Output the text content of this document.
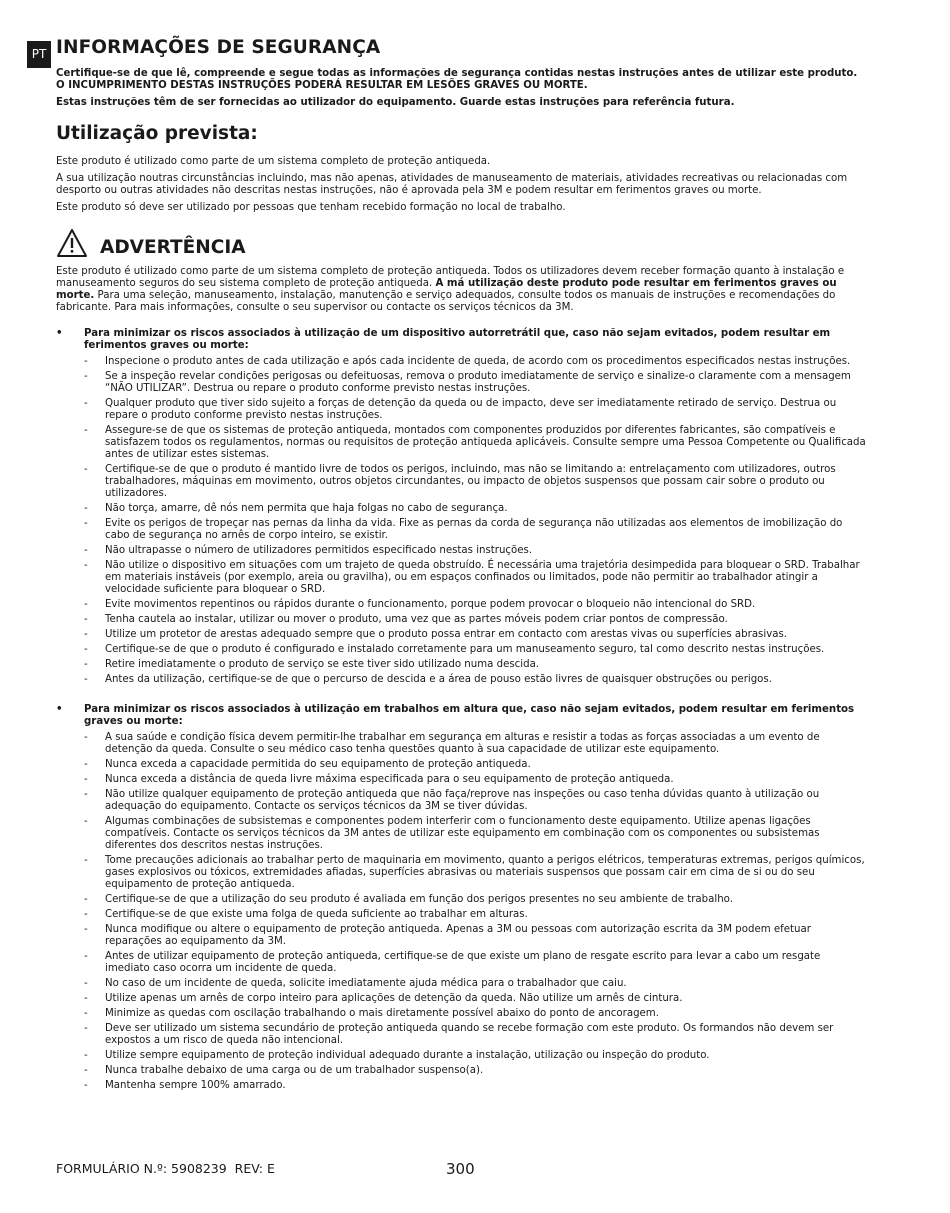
PT INFORMAÇÕES DE SEGURANÇA
Certifique-se de que lê, compreende e segue todas as informações de segurança contidas nestas instruções antes de utilizar este produto.
O INCUMPRIMENTO DESTAS INSTRUÇÕES PODERÁ RESULTAR EM LESÕES GRAVES OU MORTE.
Estas instruções têm de ser fornecidas ao utilizador do equipamento. Guarde estas instruções para referência futura.
Utilização prevista:
Este produto é utilizado como parte de um sistema completo de proteção antiqueda.
A sua utilização noutras circunstâncias incluindo, mas não apenas, atividades de manuseamento de materiais, atividades recreativas ou relacionadas com desporto ou outras atividades não descritas nestas instruções, não é aprovada pela 3M e podem resultar em ferimentos graves ou morte.
Este produto só deve ser utilizado por pessoas que tenham recebido formação no local de trabalho.
ADVERTÊNCIA
Este produto é utilizado como parte de um sistema completo de proteção antiqueda. Todos os utilizadores devem receber formação quanto à instalação e manuseamento seguros do seu sistema completo de proteção antiqueda. A má utilização deste produto pode resultar em ferimentos graves ou morte. Para uma seleção, manuseamento, instalação, manutenção e serviço adequados, consulte todos os manuais de instruções e recomendações do fabricante. Para mais informações, consulte o seu supervisor ou contacte os serviços técnicos da 3M.
• Para minimizar os riscos associados à utilização de um dispositivo autorretrátil que, caso não sejam evitados, podem resultar em ferimentos graves ou morte:
- Inspecione o produto antes de cada utilização e após cada incidente de queda, de acordo com os procedimentos especificados nestas instruções.
- Se a inspeção revelar condições perigosas ou defeituosas, remova o produto imediatamente de serviço e sinalize-o claramente com a mensagem “NÃO UTILIZAR”. Destrua ou repare o produto conforme previsto nestas instruções.
- Qualquer produto que tiver sido sujeito a forças de detenção da queda ou de impacto, deve ser imediatamente retirado de serviço. Destrua ou repare o produto conforme previsto nestas instruções.
- Assegure-se de que os sistemas de proteção antiqueda, montados com componentes produzidos por diferentes fabricantes, são compatíveis e satisfazem todos os regulamentos, normas ou requisitos de proteção antiqueda aplicáveis. Consulte sempre uma Pessoa Competente ou Qualificada antes de utilizar estes sistemas.
- Certifique-se de que o produto é mantido livre de todos os perigos, incluindo, mas não se limitando a: entrelaçamento com utilizadores, outros trabalhadores, máquinas em movimento, outros objetos circundantes, ou impacto de objetos suspensos que possam cair sobre o produto ou utilizadores.
- Não torça, amarre, dê nós nem permita que haja folgas no cabo de segurança.
- Evite os perigos de tropeçar nas pernas da linha da vida. Fixe as pernas da corda de segurança não utilizadas aos elementos de imobilização do cabo de segurança no arnês de corpo inteiro, se existir.
- Não ultrapasse o número de utilizadores permitidos especificado nestas instruções.
- Não utilize o dispositivo em situações com um trajeto de queda obstruído. É necessária uma trajetória desimpedida para bloquear o SRD. Trabalhar em materiais instáveis (por exemplo, areia ou gravilha), ou em espaços confinados ou limitados, pode não permitir ao trabalhador atingir a velocidade suficiente para bloquear o SRD.
- Evite movimentos repentinos ou rápidos durante o funcionamento, porque podem provocar o bloqueio não intencional do SRD.
- Tenha cautela ao instalar, utilizar ou mover o produto, uma vez que as partes móveis podem criar pontos de compressão.
- Utilize um protetor de arestas adequado sempre que o produto possa entrar em contacto com arestas vivas ou superfícies abrasivas.
- Certifique-se de que o produto é configurado e instalado corretamente para um manuseamento seguro, tal como descrito nestas instruções.
- Retire imediatamente o produto de serviço se este tiver sido utilizado numa descida.
- Antes da utilização, certifique-se de que o percurso de descida e a área de pouso estão livres de quaisquer obstruções ou perigos.
• Para minimizar os riscos associados à utilização em trabalhos em altura que, caso não sejam evitados, podem resultar em ferimentos graves ou morte:
- A sua saúde e condição física devem permitir-lhe trabalhar em segurança em alturas e resistir a todas as forças associadas a um evento de detenção da queda. Consulte o seu médico caso tenha questões quanto à sua capacidade de utilizar este equipamento.
- Nunca exceda a capacidade permitida do seu equipamento de proteção antiqueda.
- Nunca exceda a distância de queda livre máxima especificada para o seu equipamento de proteção antiqueda.
- Não utilize qualquer equipamento de proteção antiqueda que não faça/reprove nas inspeções ou caso tenha dúvidas quanto à utilização ou adequação do equipamento. Contacte os serviços técnicos da 3M se tiver dúvidas.
- Algumas combinações de subsistemas e componentes podem interferir com o funcionamento deste equipamento. Utilize apenas ligações compatíveis. Contacte os serviços técnicos da 3M antes de utilizar este equipamento em combinação com os componentes ou subsistemas diferentes dos descritos nestas instruções.
- Tome precauções adicionais ao trabalhar perto de maquinaria em movimento, quanto a perigos elétricos, temperaturas extremas, perigos químicos, gases explosivos ou tóxicos, extremidades afiadas, superfícies abrasivas ou materiais suspensos que possam cair em cima de si ou do seu equipamento de proteção antiqueda.
- Certifique-se de que a utilização do seu produto é avaliada em função dos perigos presentes no seu ambiente de trabalho.
- Certifique-se de que existe uma folga de queda suficiente ao trabalhar em alturas.
- Nunca modifique ou altere o equipamento de proteção antiqueda. Apenas a 3M ou pessoas com autorização escrita da 3M podem efetuar reparações ao equipamento da 3M.
- Antes de utilizar equipamento de proteção antiqueda, certifique-se de que existe um plano de resgate escrito para levar a cabo um resgate imediato caso ocorra um incidente de queda.
- No caso de um incidente de queda, solicite imediatamente ajuda médica para o trabalhador que caiu.
- Utilize apenas um arnês de corpo inteiro para aplicações de detenção da queda. Não utilize um arnês de cintura.
- Minimize as quedas com oscilação trabalhando o mais diretamente possível abaixo do ponto de ancoragem.
- Deve ser utilizado um sistema secundário de proteção antiqueda quando se recebe formação com este produto. Os formandos não devem ser expostos a um risco de queda não intencional.
- Utilize sempre equipamento de proteção individual adequado durante a instalação, utilização ou inspeção do produto.
- Nunca trabalhe debaixo de uma carga ou de um trabalhador suspenso(a).
- Mantenha sempre 100% amarrado.
FORMULÁRIO N.º: 5908239  REV: E	300
